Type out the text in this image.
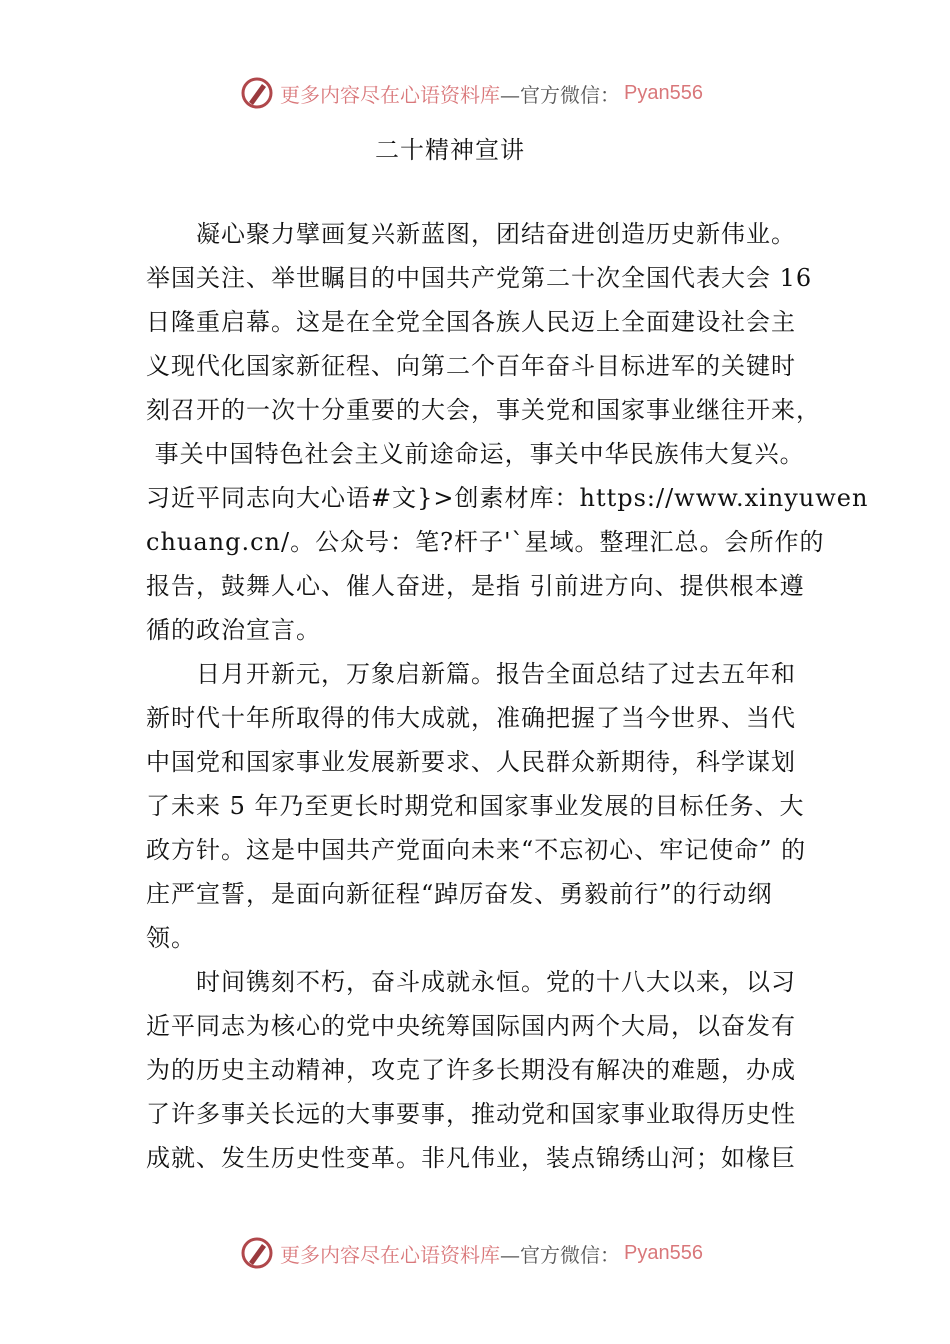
更多内容尽在心语资料库 —官方微信： Pyan556
二十精神宣讲
凝心聚力擘画复兴新蓝图，团结奋进创造历史新伟业。
举国关注、举世瞩目的中国共产党第二十次全国代表大会 16
日隆重启幕。这是在全党全国各族人民迈上全面建设社会主
义现代化国家新征程、向第二个百年奋斗目标进军的关键时
刻召开的一次十分重要的大会，事关党和国家事业继往开来，
事关中国特色社会主义前途命运，事关中华民族伟大复兴。
习近平同志向大心语#文}>创素材库：https://www.xinyuwen
chuang.cn/。公众号：笔?杆子'`星域。整理汇总。会所作的
报告，鼓舞人心、催人奋进，是指 引前进方向、提供根本遵
循的政治宣言。
日月开新元，万象启新篇。报告全面总结了过去五年和
新时代十年所取得的伟大成就，准确把握了当今世界、当代
中国党和国家事业发展新要求、人民群众新期待，科学谋划
了未来 5 年乃至更长时期党和国家事业发展的目标任务、大
政方针。这是中国共产党面向未来“不忘初心、牢记使命” 的
庄严宣誓，是面向新征程“踔厉奋发、勇毅前行”的行动纲
领。
时间镌刻不朽，奋斗成就永恒。党的十八大以来，以习
近平同志为核心的党中央统筹国际国内两个大局，以奋发有
为的历史主动精神，攻克了许多长期没有解决的难题，办成
了许多事关长远的大事要事，推动党和国家事业取得历史性
成就、发生历史性变革。非凡伟业，装点锦绣山河；如椽巨
更多内容尽在心语资料库 —官方微信： Pyan556
